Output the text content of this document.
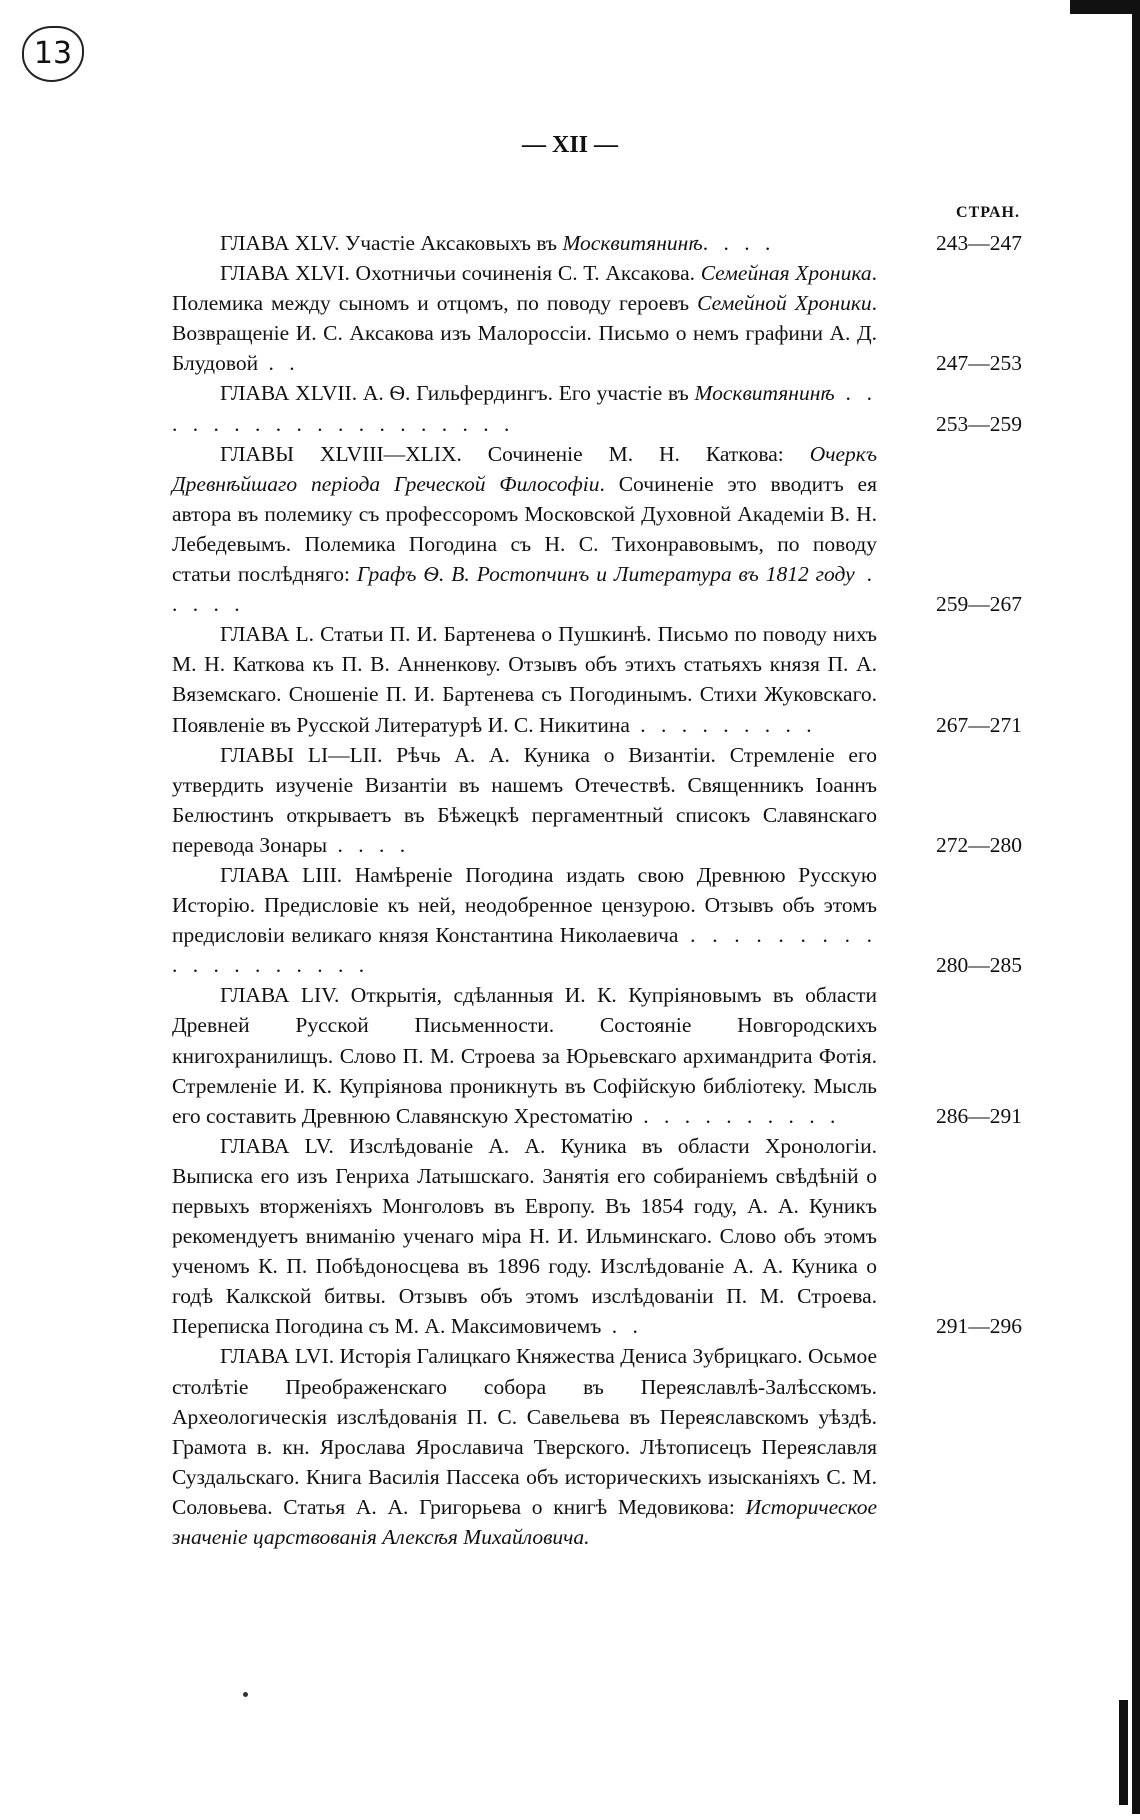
13
— XII —
СТРАН.
ГЛАВА XLV. Участіе Аксаковыхъ въ Москвитянинѣ. . . .	243—247
ГЛАВА XLVI. Охотничьи сочиненія С. Т. Аксакова. Семейная Хроника. Полемика между сыномъ и отцомъ, по поводу героевъ Семейной Хроники. Возвращеніе И. С. Аксакова изъ Малороссіи. Письмо о немъ графини А. Д. Блудовой . .	247—253
ГЛАВА XLVII. А. Ѳ. Гильфердингъ. Его участіе въ Москвитянинѣ . . . . . . . . . . . . . . . . . . .	253—259
ГЛАВЫ XLVIII—XLIX. Сочиненіе М. Н. Каткова: Очеркъ Древнѣйшаго періода Греческой Философіи. Сочиненіе это вводитъ ея автора въ полемику съ профессоромъ Московской Духовной Академіи В. Н. Лебедевымъ. Полемика Погодина съ Н. С. Тихонравовымъ, по поводу статьи послѣдняго: Графъ Ѳ. В. Ростопчинъ и Литература въ 1812 году . . . . .	259—267
ГЛАВА L. Статьи П. И. Бартенева о Пушкинѣ. Письмо по поводу нихъ М. Н. Каткова къ П. В. Анненкову. Отзывъ объ этихъ статьяхъ князя П. А. Вяземскаго. Сношеніе П. И. Бартенева съ Погодинымъ. Стихи Жуковскаго. Появленіе въ Русской Литературѣ И. С. Никитина . . . . . . . . .	267—271
ГЛАВЫ LI—LII. Рѣчь А. А. Куника о Византіи. Стремленіе его утвердить изученіе Византіи въ нашемъ Отечествѣ. Священникъ Іоаннъ Белюстинъ открываетъ въ Бѣжецкѣ пергаментный списокъ Славянскаго перевода Зонары . . . .	272—280
ГЛАВА LIII. Намѣреніе Погодина издать свою Древнюю Русскую Исторію. Предисловіе къ ней, неодобренное цензурою. Отзывъ объ этомъ предисловіи великаго князя Константина Николаевича . . . . . . . . . . . . . . . . . . .	280—285
ГЛАВА LIV. Открытія, сдѣланныя И. К. Купріяновымъ въ области Древней Русской Письменности. Состояніе Новгородскихъ книгохранилищъ. Слово П. М. Строева за Юрьевскаго архимандрита Фотія. Стремленіе И. К. Купріянова проникнуть въ Софійскую библіотеку. Мысль его составить Древнюю Славянскую Хрестоматію . . . . . . . . . .	286—291
ГЛАВА LV. Изслѣдованіе А. А. Куника въ области Хронологіи. Выписка его изъ Генриха Латышскаго. Занятія его собираніемъ свѣдѣній о первыхъ вторженіяхъ Монголовъ въ Европу. Въ 1854 году, А. А. Куникъ рекомендуетъ вниманію ученаго міра Н. И. Ильминскаго. Слово объ этомъ ученомъ К. П. Побѣдоносцева въ 1896 году. Изслѣдованіе А. А. Куника о годѣ Калкской битвы. Отзывъ объ этомъ изслѣдованіи П. М. Строева. Переписка Погодина съ М. А. Максимовичемъ . .	291—296
ГЛАВА LVI. Исторія Галицкаго Княжества Дениса Зубрицкаго. Осьмое столѣтіе Преображенскаго собора въ Переяславлѣ-Залѣсскомъ. Археологическія изслѣдованія П. С. Савельева въ Переяславскомъ уѣздѣ. Грамота в. кн. Ярослава Ярославича Тверского. Лѣтописецъ Переяславля Суздальскаго. Книга Василія Пассека объ историческихъ изысканіяхъ С. М. Соловьева. Статья А. А. Григорьева о книгѣ Медовикова: Историческое значеніе царствованія Алексѣя Михайловича.
